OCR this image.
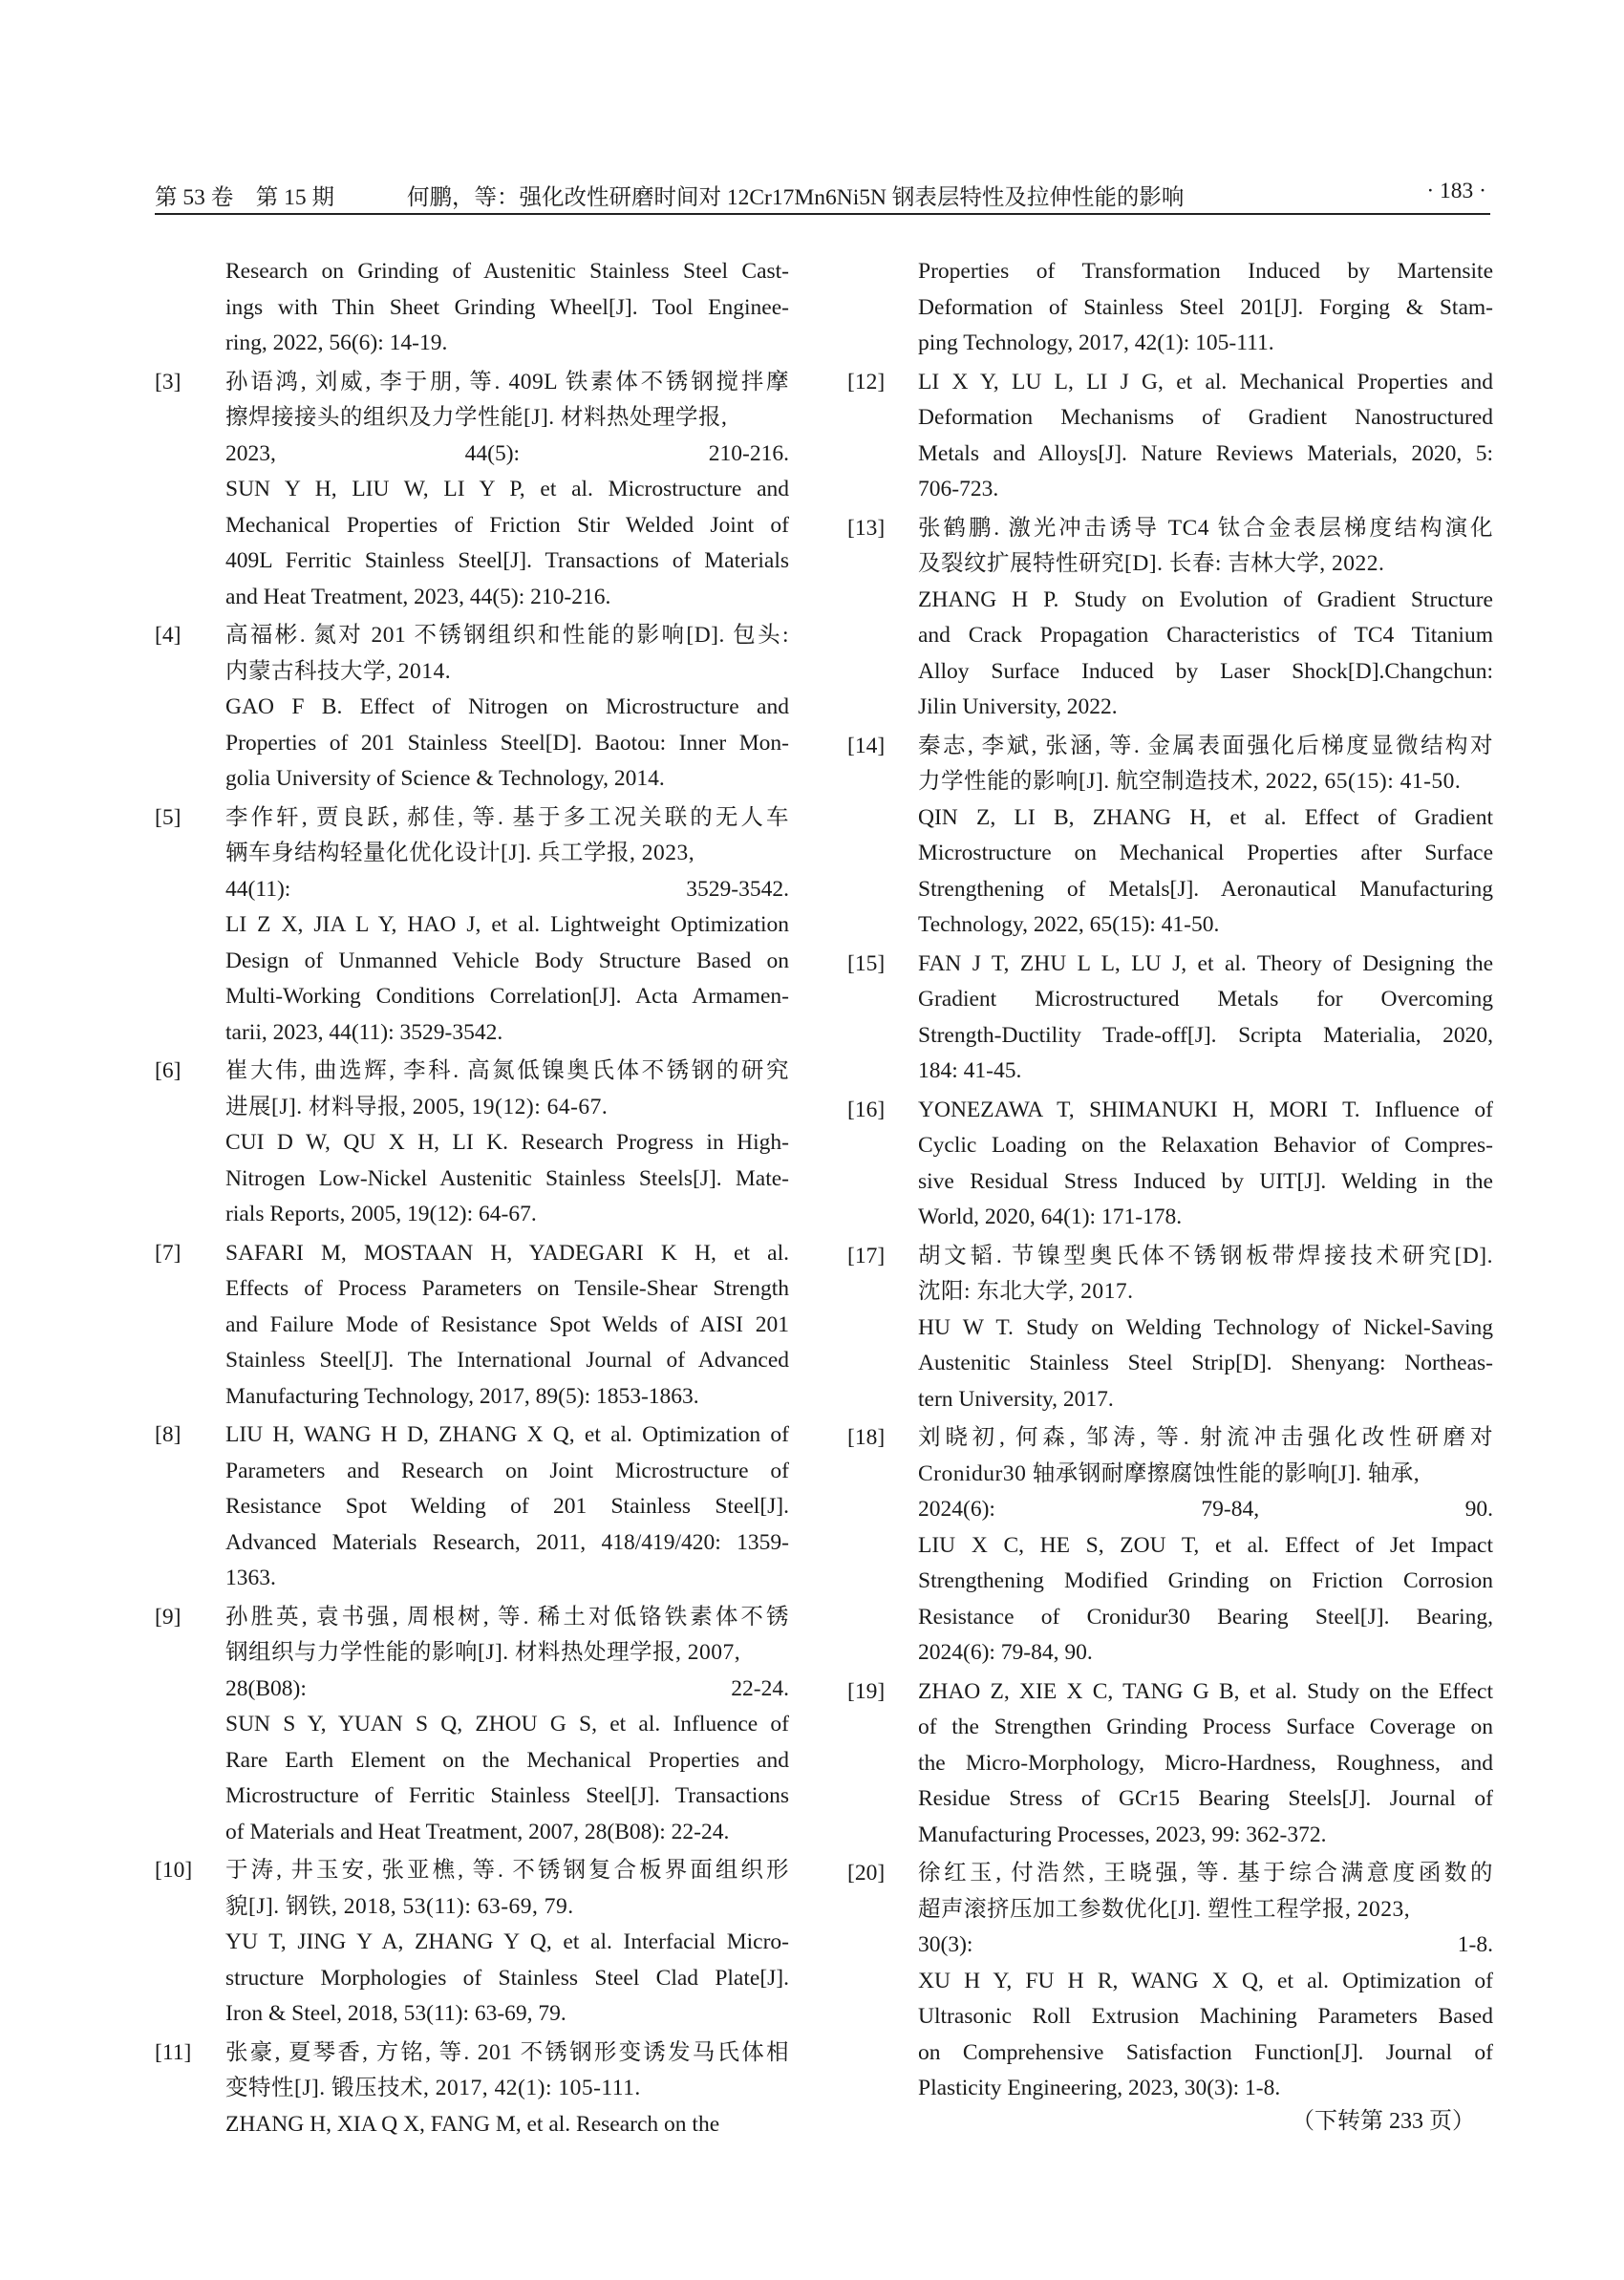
第 53 卷　第 15 期	何鹏，等：强化改性研磨时间对 12Cr17Mn6Ni5N 钢表层特性及拉伸性能的影响	· 183 ·
Research on Grinding of Austenitic Stainless Steel Cast-
ings with Thin Sheet Grinding Wheel[J]. Tool Enginee-
ring, 2022, 56(6): 14-19.
[3] 孙语鸿, 刘威, 李于朋, 等. 409L 铁素体不锈钢搅拌摩
擦焊接接头的组织及力学性能[J]. 材料热处理学报,
2023, 44(5): 210-216.
SUN Y H, LIU W, LI Y P, et al. Microstructure and
Mechanical Properties of Friction Stir Welded Joint of
409L Ferritic Stainless Steel[J]. Transactions of Materials
and Heat Treatment, 2023, 44(5): 210-216.
[4] 高福彬. 氮对 201 不锈钢组织和性能的影响[D]. 包头:
内蒙古科技大学, 2014.
GAO F B. Effect of Nitrogen on Microstructure and
Properties of 201 Stainless Steel[D]. Baotou: Inner Mon-
golia University of Science & Technology, 2014.
[5] 李作轩, 贾良跃, 郝佳, 等. 基于多工况关联的无人车
辆车身结构轻量化优化设计[J]. 兵工学报, 2023,
44(11): 3529-3542.
LI Z X, JIA L Y, HAO J, et al. Lightweight Optimization
Design of Unmanned Vehicle Body Structure Based on
Multi-Working Conditions Correlation[J]. Acta Armamen-
tarii, 2023, 44(11): 3529-3542.
[6] 崔大伟, 曲选辉, 李科. 高氮低镍奥氏体不锈钢的研究
进展[J]. 材料导报, 2005, 19(12): 64-67.
CUI D W, QU X H, LI K. Research Progress in High-
Nitrogen Low-Nickel Austenitic Stainless Steels[J]. Mate-
rials Reports, 2005, 19(12): 64-67.
[7] SAFARI M, MOSTAAN H, YADEGARI K H, et al.
Effects of Process Parameters on Tensile-Shear Strength
and Failure Mode of Resistance Spot Welds of AISI 201
Stainless Steel[J]. The International Journal of Advanced
Manufacturing Technology, 2017, 89(5): 1853-1863.
[8] LIU H, WANG H D, ZHANG X Q, et al. Optimization of
Parameters and Research on Joint Microstructure of
Resistance Spot Welding of 201 Stainless Steel[J].
Advanced Materials Research, 2011, 418/419/420: 1359-
1363.
[9] 孙胜英, 袁书强, 周根树, 等. 稀土对低铬铁素体不锈
钢组织与力学性能的影响[J]. 材料热处理学报, 2007,
28(B08): 22-24.
SUN S Y, YUAN S Q, ZHOU G S, et al. Influence of
Rare Earth Element on the Mechanical Properties and
Microstructure of Ferritic Stainless Steel[J]. Transactions
of Materials and Heat Treatment, 2007, 28(B08): 22-24.
[10] 于涛, 井玉安, 张亚樵, 等. 不锈钢复合板界面组织形
貌[J]. 钢铁, 2018, 53(11): 63-69, 79.
YU T, JING Y A, ZHANG Y Q, et al. Interfacial Micro-
structure Morphologies of Stainless Steel Clad Plate[J].
Iron & Steel, 2018, 53(11): 63-69, 79.
[11] 张豪, 夏琴香, 方铭, 等. 201 不锈钢形变诱发马氏体相
变特性[J]. 锻压技术, 2017, 42(1): 105-111.
ZHANG H, XIA Q X, FANG M, et al. Research on the
Properties of Transformation Induced by Martensite
Deformation of Stainless Steel 201[J]. Forging & Stam-
ping Technology, 2017, 42(1): 105-111.
[12] LI X Y, LU L, LI J G, et al. Mechanical Properties and
Deformation Mechanisms of Gradient Nanostructured
Metals and Alloys[J]. Nature Reviews Materials, 2020, 5:
706-723.
[13] 张鹤鹏. 激光冲击诱导 TC4 钛合金表层梯度结构演化
及裂纹扩展特性研究[D]. 长春: 吉林大学, 2022.
ZHANG H P. Study on Evolution of Gradient Structure
and Crack Propagation Characteristics of TC4 Titanium
Alloy Surface Induced by Laser Shock[D].Changchun:
Jilin University, 2022.
[14] 秦志, 李斌, 张涵, 等. 金属表面强化后梯度显微结构对
力学性能的影响[J]. 航空制造技术, 2022, 65(15): 41-50.
QIN Z, LI B, ZHANG H, et al. Effect of Gradient
Microstructure on Mechanical Properties after Surface
Strengthening of Metals[J]. Aeronautical Manufacturing
Technology, 2022, 65(15): 41-50.
[15] FAN J T, ZHU L L, LU J, et al. Theory of Designing the
Gradient Microstructured Metals for Overcoming
Strength-Ductility Trade-off[J]. Scripta Materialia, 2020,
184: 41-45.
[16] YONEZAWA T, SHIMANUKI H, MORI T. Influence of
Cyclic Loading on the Relaxation Behavior of Compres-
sive Residual Stress Induced by UIT[J]. Welding in the
World, 2020, 64(1): 171-178.
[17] 胡文韬. 节镍型奥氏体不锈钢板带焊接技术研究[D].
沈阳: 东北大学, 2017.
HU W T. Study on Welding Technology of Nickel-Saving
Austenitic Stainless Steel Strip[D]. Shenyang: Northeas-
tern University, 2017.
[18] 刘晓初, 何森, 邹涛, 等. 射流冲击强化改性研磨对
Cronidur30 轴承钢耐摩擦腐蚀性能的影响[J]. 轴承,
2024(6): 79-84, 90.
LIU X C, HE S, ZOU T, et al. Effect of Jet Impact
Strengthening Modified Grinding on Friction Corrosion
Resistance of Cronidur30 Bearing Steel[J]. Bearing,
2024(6): 79-84, 90.
[19] ZHAO Z, XIE X C, TANG G B, et al. Study on the Effect
of the Strengthen Grinding Process Surface Coverage on
the Micro-Morphology, Micro-Hardness, Roughness, and
Residue Stress of GCr15 Bearing Steels[J]. Journal of
Manufacturing Processes, 2023, 99: 362-372.
[20] 徐红玉, 付浩然, 王晓强, 等. 基于综合满意度函数的
超声滚挤压加工参数优化[J]. 塑性工程学报, 2023,
30(3): 1-8.
XU H Y, FU H R, WANG X Q, et al. Optimization of
Ultrasonic Roll Extrusion Machining Parameters Based
on Comprehensive Satisfaction Function[J]. Journal of
Plasticity Engineering, 2023, 30(3): 1-8.
（下转第 233 页）
